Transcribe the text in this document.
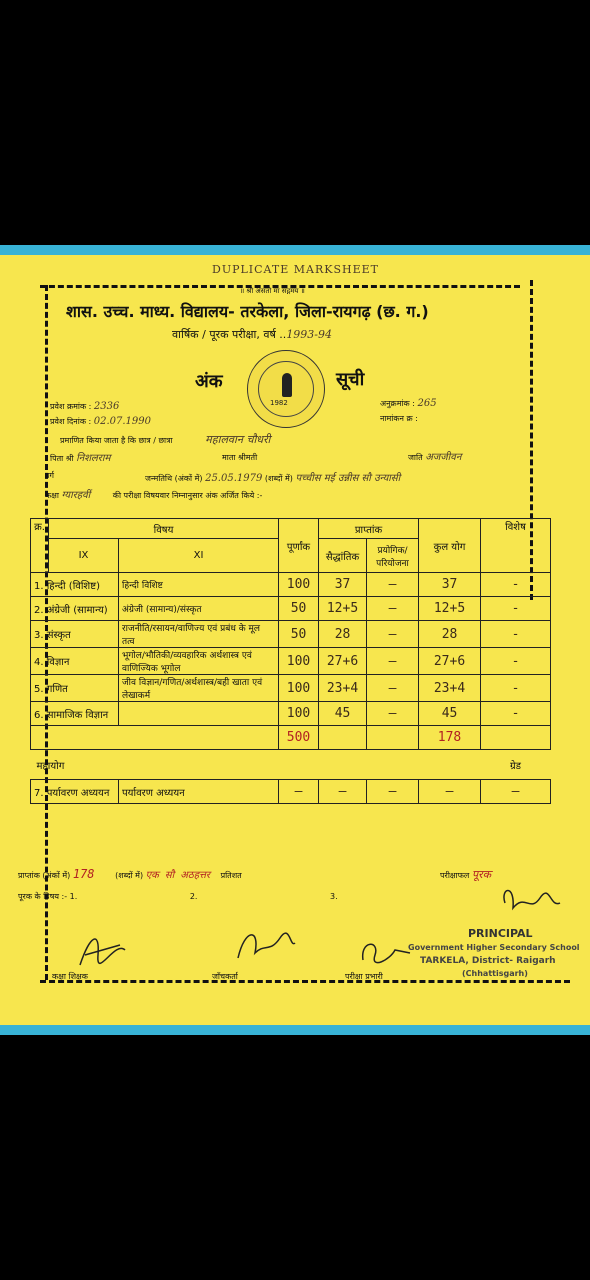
DUPLICATE MARKSHEET
॥ श्री असतो मा सद्गमय ॥
शास. उच्च. माध्य. विद्यालय- तरकेला, जिला-रायगढ़ (छ. ग.)
वार्षिक / पूरक परीक्षा, वर्ष ..1993-94
अंक	सूची
1982
प्रवेश क्रमांक : 2336
प्रवेश दिनांक : 02.07.1990
अनुक्रमांक : 265
नामांकन क्र :
प्रमाणित किया जाता है कि छात्र / छात्रा	महालवान चौधरी
पिता श्री निशलराम	माता श्रीमती	जाति अजजीवन
वर्ग	जन्मतिथि (अंकों में) 25.05.1979 (शब्दों में) पच्चीस मई उन्नीस सौ उन्यासी
कक्षा ग्यारहवीं	की परीक्षा विषयवार निम्नानुसार अंक अर्जित किये :-
क्र.	विषय		पूर्णांक	प्राप्तांक		कुल योग	विशेष
	IX	XI		सैद्धांतिक	प्रयोगिक/ परियोजना		
1. हिन्दी (विशिष्ट)		हिन्दी विशिष्ट	100	37	—	37	-
2. अंग्रेजी (सामान्य)		अंग्रेजी (सामान्य)/संस्कृत	50	12+5	—	12+5	-
3. संस्कृत		राजनीति/रसायन/वाणिज्य एवं प्रबंध के मूल तत्व	50	28	—	28	-
4. विज्ञान		भूगोल/भौतिकी/व्यवहारिक अर्थशास्त्र एवं वाणिज्यिक भूगोल	100	27+6	—	27+6	-
5. गणित		जीव विज्ञान/गणित/अर्थशास्त्र/बही खाता एवं लेखाकर्म	100	23+4	—	23+4	-
6. सामाजिक विज्ञान			100	45	—	45	-
			500			178	
महायोग							ग्रेड
7. पर्यावरण अध्ययन		पर्यावरण अध्ययन	—	—	—	—	—
प्राप्तांक (अंकों में) 178	(शब्दों में) एक सौ अठहत्तर प्रतिशत	परीक्षाफल पूरक
पूरक के विषय :- 1.	2.	3.
कक्षा शिक्षक	जाँचकर्ता	परीक्षा प्रभारी
PRINCIPAL
Government Higher Secondary School
TARKELA, District- Raigarh
(Chhattisgarh)
